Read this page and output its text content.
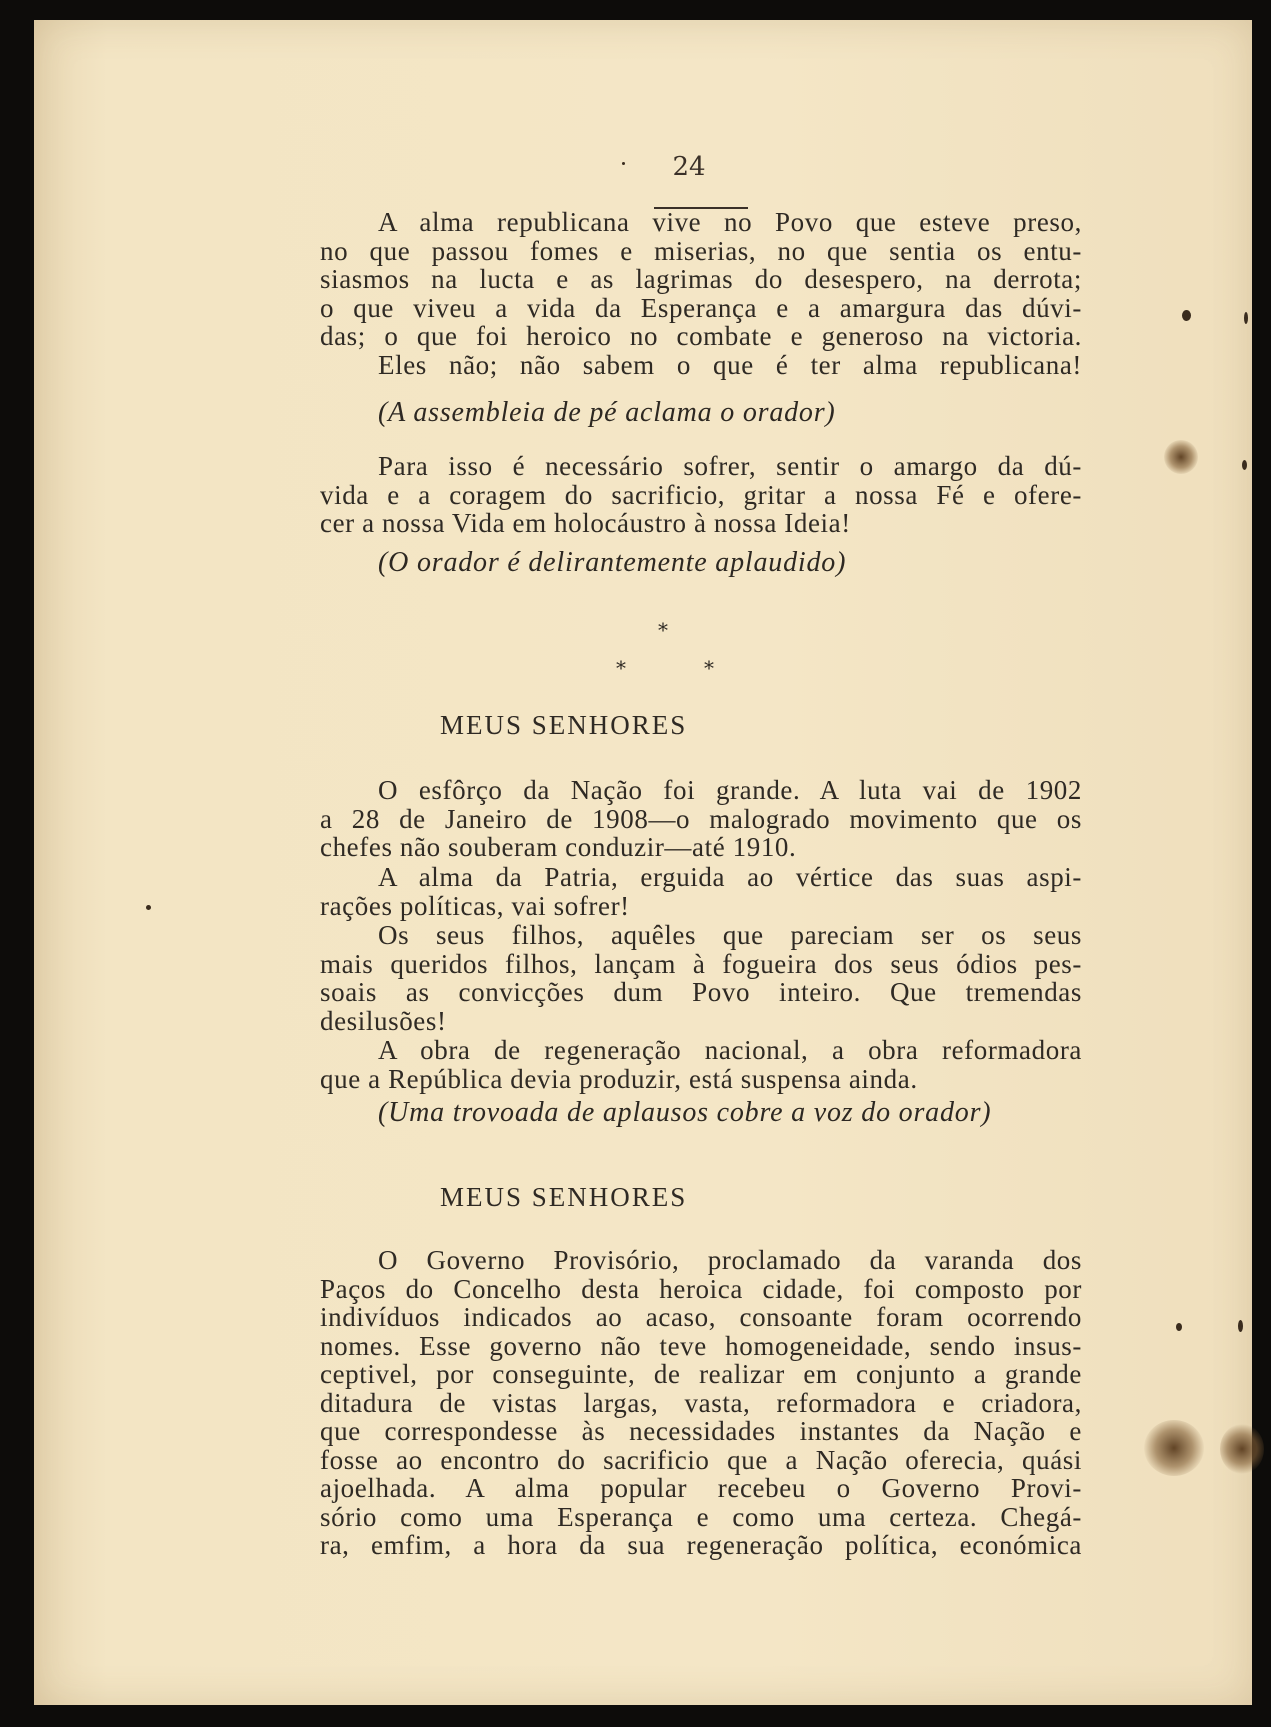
24
A alma republicana vive no Povo que esteve preso,
no que passou fomes e miserias, no que sentia os entu-
siasmos na lucta e as lagrimas do desespero, na derrota;
o que viveu a vida da Esperança e a amargura das dúvi-
das; o que foi heroico no combate e generoso na victoria.
Eles não; não sabem o que é ter alma republicana!
(A assembleia de pé aclama o orador)
Para isso é necessário sofrer, sentir o amargo da dú-
vida e a coragem do sacrificio, gritar a nossa Fé e ofere-
cer a nossa Vida em holocáustro à nossa Ideia!
(O orador é delirantemente aplaudido)
*
*	*
MEUS SENHORES
O esfôrço da Nação foi grande. A luta vai de 1902
a 28 de Janeiro de 1908—o malogrado movimento que os
chefes não souberam conduzir—até 1910.
A alma da Patria, erguida ao vértice das suas aspi-
rações políticas, vai sofrer!
Os seus filhos, aquêles que pareciam ser os seus
mais queridos filhos, lançam à fogueira dos seus ódios pes-
soais as convicções dum Povo inteiro. Que tremendas
desilusões!
A obra de regeneração nacional, a obra reformadora
que a República devia produzir, está suspensa ainda.
(Uma trovoada de aplausos cobre a voz do orador)
MEUS SENHORES
O Governo Provisório, proclamado da varanda dos
Paços do Concelho desta heroica cidade, foi composto por
indivíduos indicados ao acaso, consoante foram ocorrendo
nomes. Esse governo não teve homogeneidade, sendo insus-
ceptivel, por conseguinte, de realizar em conjunto a grande
ditadura de vistas largas, vasta, reformadora e criadora,
que correspondesse às necessidades instantes da Nação e
fosse ao encontro do sacrificio que a Nação oferecia, quási
ajoelhada. A alma popular recebeu o Governo Provi-
sório como uma Esperança e como uma certeza. Chegá-
ra, emfim, a hora da sua regeneração política, económica
